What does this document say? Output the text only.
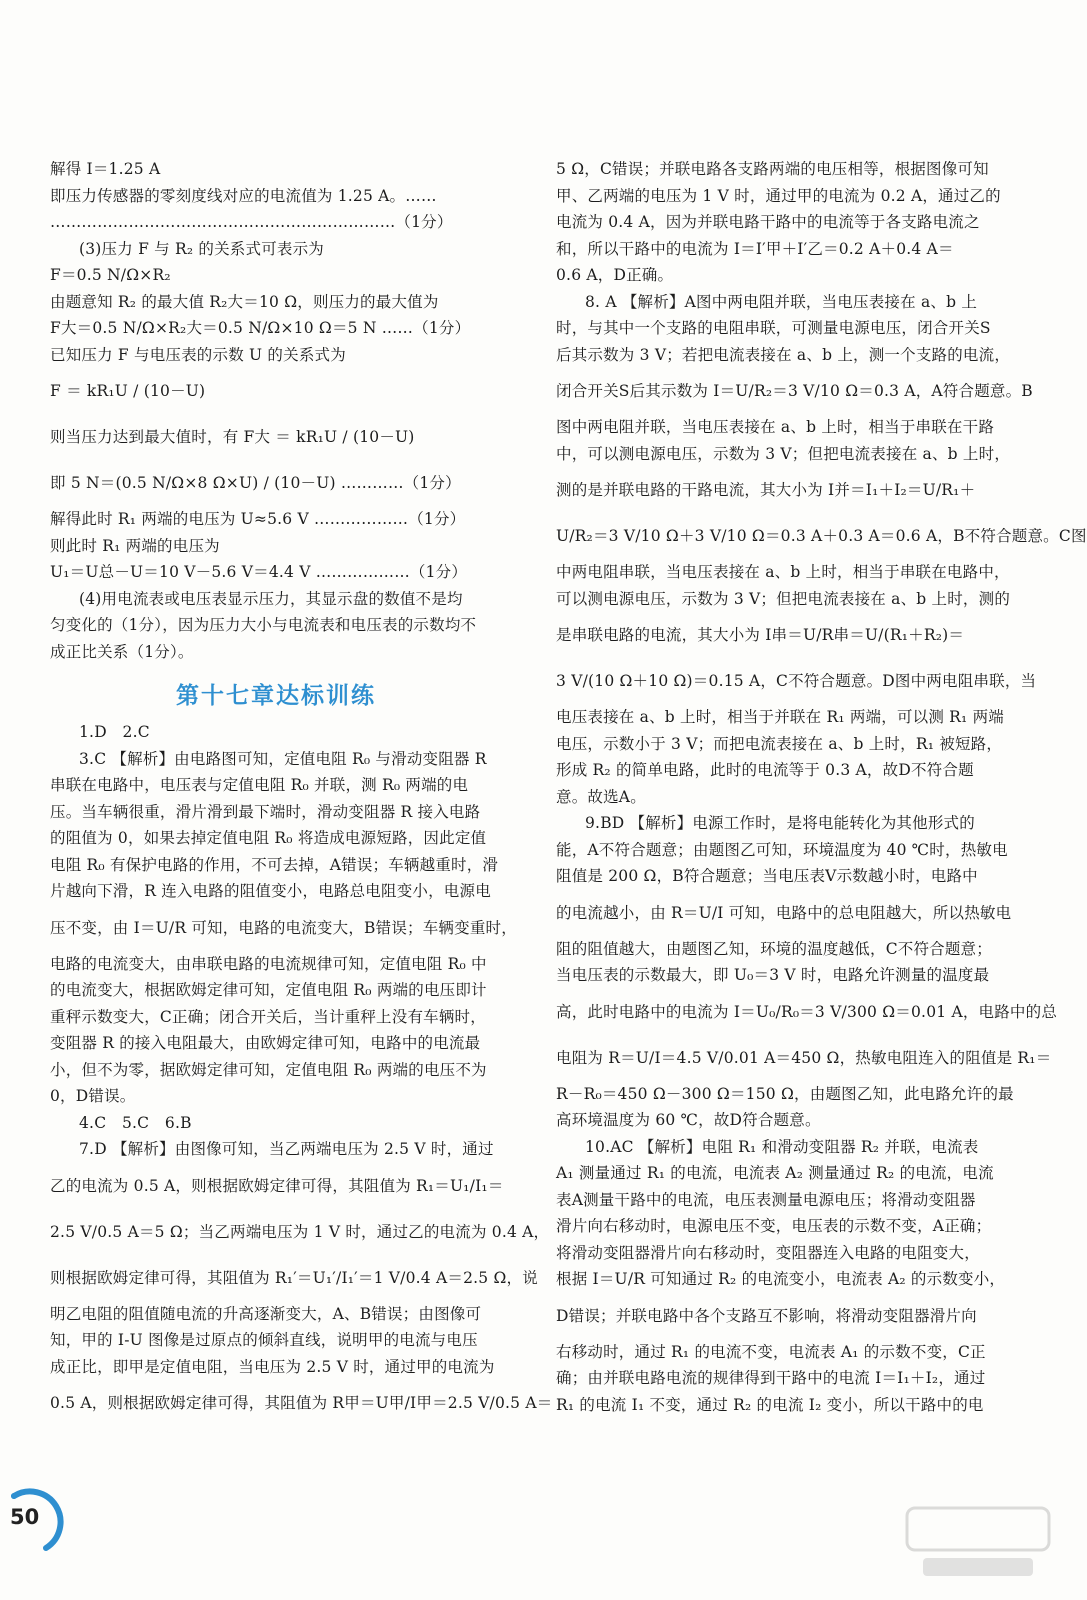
50
解得 I＝1.25 A
即压力传感器的零刻度线对应的电流值为 1.25 A。……
…………………………………………………………（1分）
(3)压力 F 与 R₂ 的关系式可表示为
F＝0.5 N/Ω×R₂
由题意知 R₂ 的最大值 R₂大＝10 Ω，则压力的最大值为
F大＝0.5 N/Ω×R₂大＝0.5 N/Ω×10 Ω＝5 N ……（1分）
已知压力 F 与电压表的示数 U 的关系式为
F ＝ kR₁U / (10－U)
则当压力达到最大值时，有 F大 ＝ kR₁U / (10－U)
即 5 N＝(0.5 N/Ω×8 Ω×U) / (10－U) …………（1分）
解得此时 R₁ 两端的电压为 U≈5.6 V ………………（1分）
则此时 R₁ 两端的电压为
U₁＝U总－U＝10 V－5.6 V＝4.4 V ………………（1分）
(4)用电流表或电压表显示压力，其显示盘的数值不是均
匀变化的（1分），因为压力大小与电流表和电压表的示数均不
成正比关系（1分）。
第十七章达标训练
1.D　2.C
3.C 【解析】由电路图可知，定值电阻 R₀ 与滑动变阻器 R
串联在电路中，电压表与定值电阻 R₀ 并联，测 R₀ 两端的电
压。当车辆很重，滑片滑到最下端时，滑动变阻器 R 接入电路
的阻值为 0，如果去掉定值电阻 R₀ 将造成电源短路，因此定值
电阻 R₀ 有保护电路的作用，不可去掉，A错误；车辆越重时，滑
片越向下滑，R 连入电路的阻值变小，电路总电阻变小，电源电
压不变，由 I＝U/R 可知，电路的电流变大，B错误；车辆变重时，
电路的电流变大，由串联电路的电流规律可知，定值电阻 R₀ 中
的电流变大，根据欧姆定律可知，定值电阻 R₀ 两端的电压即计
重秤示数变大，C正确；闭合开关后，当计重秤上没有车辆时，
变阻器 R 的接入电阻最大，由欧姆定律可知，电路中的电流最
小，但不为零，据欧姆定律可知，定值电阻 R₀ 两端的电压不为
0，D错误。
4.C　5.C　6.B
7.D 【解析】由图像可知，当乙两端电压为 2.5 V 时，通过
乙的电流为 0.5 A，则根据欧姆定律可得，其阻值为 R₁＝U₁/I₁＝
2.5 V/0.5 A＝5 Ω；当乙两端电压为 1 V 时，通过乙的电流为 0.4 A，
则根据欧姆定律可得，其阻值为 R₁′＝U₁′/I₁′＝1 V/0.4 A＝2.5 Ω，说
明乙电阻的阻值随电流的升高逐渐变大，A、B错误；由图像可
知，甲的 I-U 图像是过原点的倾斜直线，说明甲的电流与电压
成正比，即甲是定值电阻，当电压为 2.5 V 时，通过甲的电流为
0.5 A，则根据欧姆定律可得，其阻值为 R甲＝U甲/I甲＝2.5 V/0.5 A＝
5 Ω，C错误；并联电路各支路两端的电压相等，根据图像可知
甲、乙两端的电压为 1 V 时，通过甲的电流为 0.2 A，通过乙的
电流为 0.4 A，因为并联电路干路中的电流等于各支路电流之
和，所以干路中的电流为 I＝I′甲＋I′乙＝0.2 A＋0.4 A＝
0.6 A，D正确。
8. A 【解析】A图中两电阻并联，当电压表接在 a、b 上
时，与其中一个支路的电阻串联，可测量电源电压，闭合开关S
后其示数为 3 V；若把电流表接在 a、b 上，测一个支路的电流，
闭合开关S后其示数为 I＝U/R₂＝3 V/10 Ω＝0.3 A，A符合题意。B
图中两电阻并联，当电压表接在 a、b 上时，相当于串联在干路
中，可以测电源电压，示数为 3 V；但把电流表接在 a、b 上时，
测的是并联电路的干路电流，其大小为 I并＝I₁＋I₂＝U/R₁＋
U/R₂＝3 V/10 Ω＋3 V/10 Ω＝0.3 A＋0.3 A＝0.6 A，B不符合题意。C图
中两电阻串联，当电压表接在 a、b 上时，相当于串联在电路中，
可以测电源电压，示数为 3 V；但把电流表接在 a、b 上时，测的
是串联电路的电流，其大小为 I串＝U/R串＝U/(R₁＋R₂)＝
3 V/(10 Ω＋10 Ω)＝0.15 A，C不符合题意。D图中两电阻串联，当
电压表接在 a、b 上时，相当于并联在 R₁ 两端，可以测 R₁ 两端
电压，示数小于 3 V；而把电流表接在 a、b 上时，R₁ 被短路，
形成 R₂ 的简单电路，此时的电流等于 0.3 A，故D不符合题
意。故选A。
9.BD 【解析】电源工作时，是将电能转化为其他形式的
能，A不符合题意；由题图乙可知，环境温度为 40 ℃时，热敏电
阻值是 200 Ω，B符合题意；当电压表V示数越小时，电路中
的电流越小，由 R＝U/I 可知，电路中的总电阻越大，所以热敏电
阻的阻值越大，由题图乙知，环境的温度越低，C不符合题意；
当电压表的示数最大，即 U₀＝3 V 时，电路允许测量的温度最
高，此时电路中的电流为 I＝U₀/R₀＝3 V/300 Ω＝0.01 A，电路中的总
电阻为 R＝U/I＝4.5 V/0.01 A＝450 Ω，热敏电阻连入的阻值是 R₁＝
R－R₀＝450 Ω－300 Ω＝150 Ω，由题图乙知，此电路允许的最
高环境温度为 60 ℃，故D符合题意。
10.AC 【解析】电阻 R₁ 和滑动变阻器 R₂ 并联，电流表
A₁ 测量通过 R₁ 的电流，电流表 A₂ 测量通过 R₂ 的电流，电流
表A测量干路中的电流，电压表测量电源电压；将滑动变阻器
滑片向右移动时，电源电压不变，电压表的示数不变，A正确；
将滑动变阻器滑片向右移动时，变阻器连入电路的电阻变大，
根据 I＝U/R 可知通过 R₂ 的电流变小，电流表 A₂ 的示数变小，
D错误；并联电路中各个支路互不影响，将滑动变阻器滑片向
右移动时，通过 R₁ 的电流不变，电流表 A₁ 的示数不变，C正
确；由并联电路电流的规律得到干路中的电流 I＝I₁＋I₂，通过
R₁ 的电流 I₁ 不变，通过 R₂ 的电流 I₂ 变小，所以干路中的电
